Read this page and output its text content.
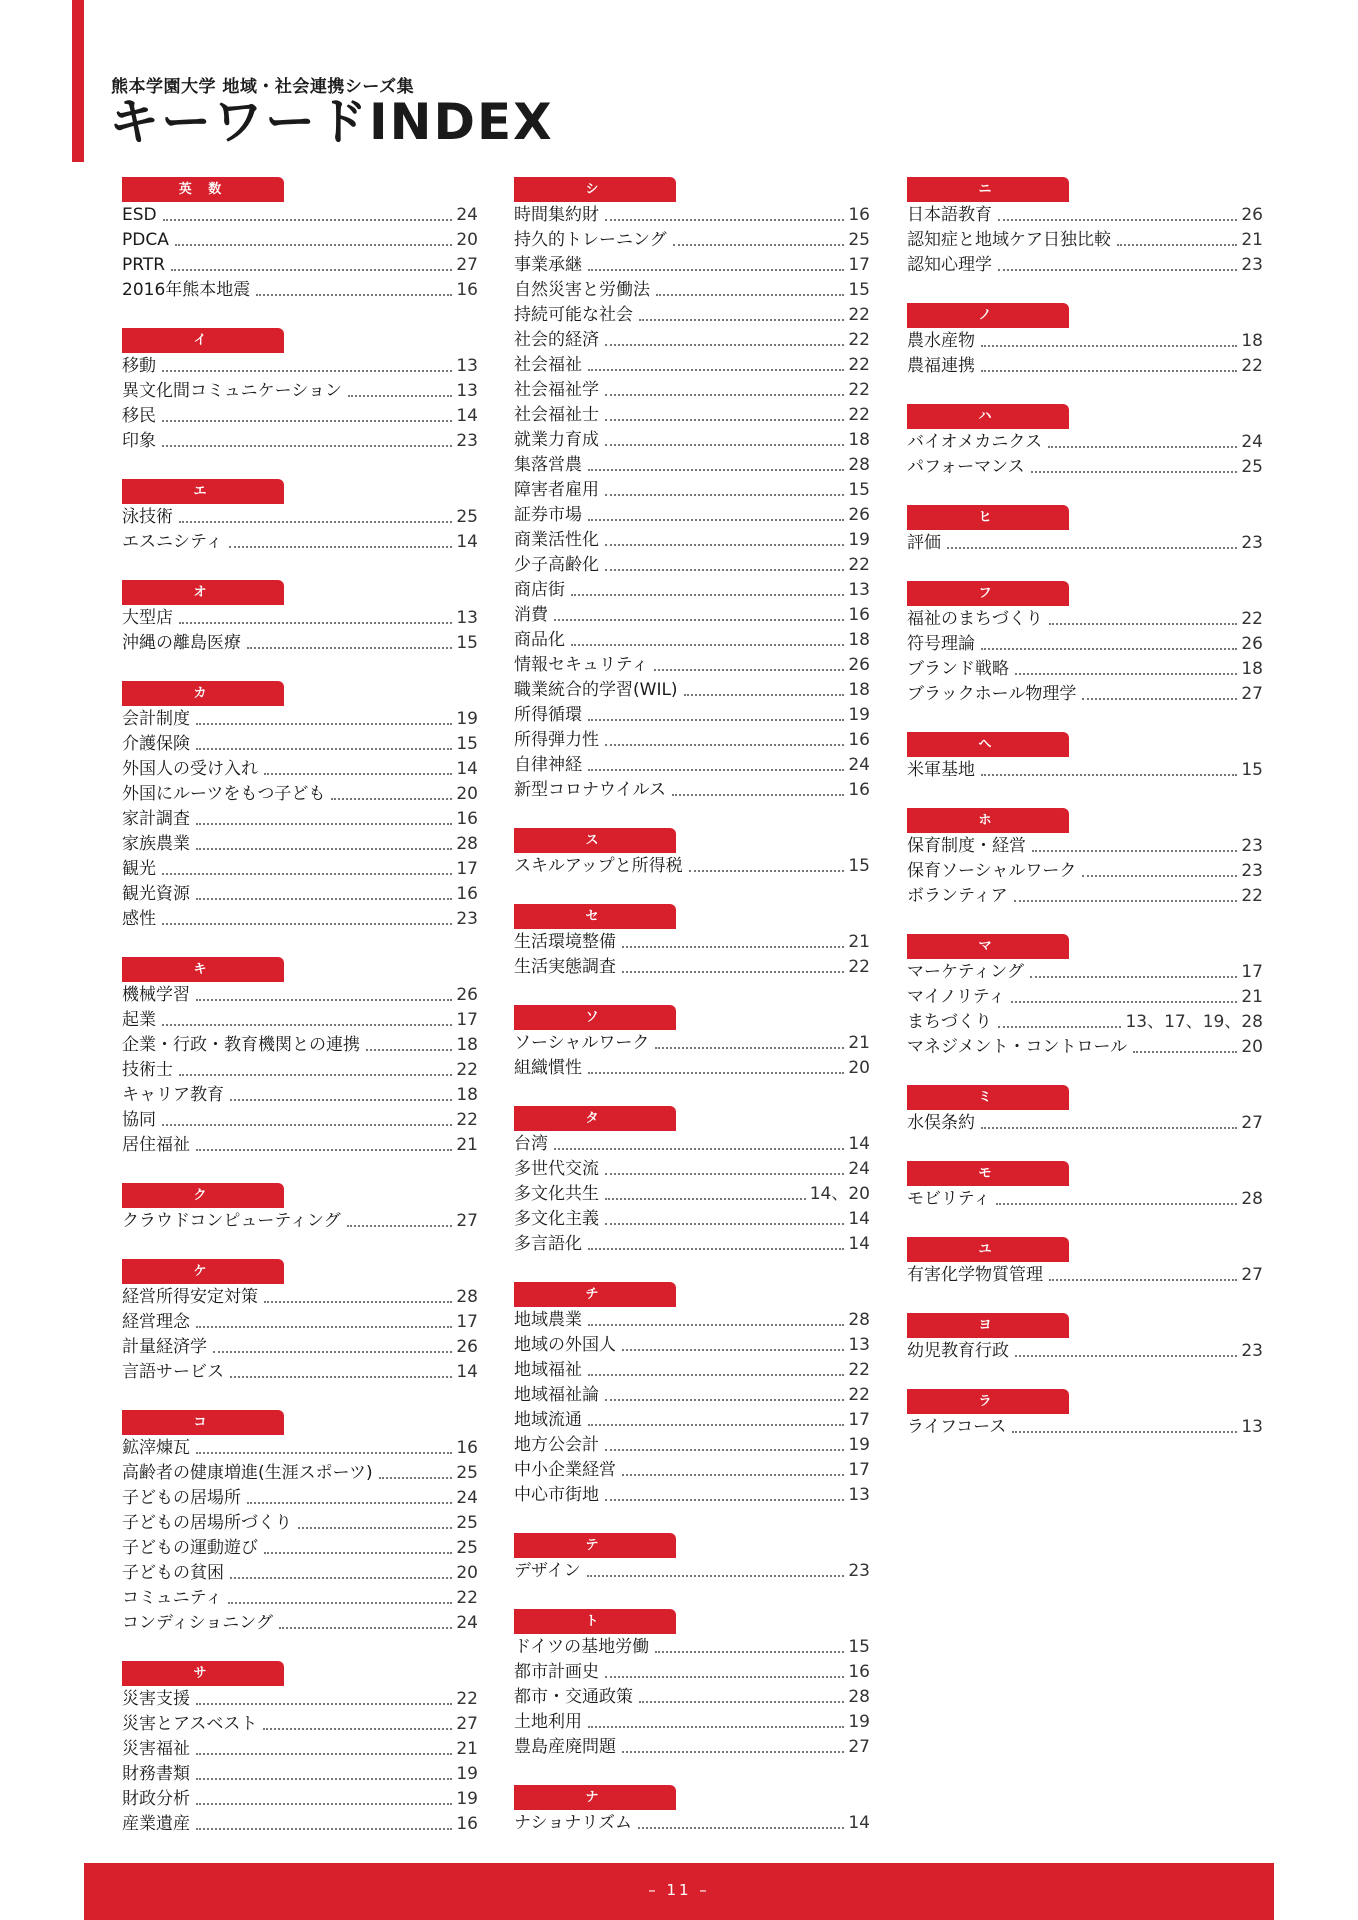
熊本学園大学 地域・社会連携シーズ集
キーワードINDEX
英 数
ESD	24
PDCA	20
PRTR	27
2016年熊本地震	16
イ
移動	13
異文化間コミュニケーション	13
移民	14
印象	23
エ
泳技術	25
エスニシティ	14
オ
大型店	13
沖縄の離島医療	15
カ
会計制度	19
介護保険	15
外国人の受け入れ	14
外国にルーツをもつ子ども	20
家計調査	16
家族農業	28
観光	17
観光資源	16
感性	23
キ
機械学習	26
起業	17
企業・行政・教育機関との連携	18
技術士	22
キャリア教育	18
協同	22
居住福祉	21
ク
クラウドコンピューティング	27
ケ
経営所得安定対策	28
経営理念	17
計量経済学	26
言語サービス	14
コ
鉱滓煉瓦	16
高齢者の健康増進(生涯スポーツ)	25
子どもの居場所	24
子どもの居場所づくり	25
子どもの運動遊び	25
子どもの貧困	20
コミュニティ	22
コンディショニング	24
サ
災害支援	22
災害とアスベスト	27
災害福祉	21
財務書類	19
財政分析	19
産業遺産	16
シ
時間集約財	16
持久的トレーニング	25
事業承継	17
自然災害と労働法	15
持続可能な社会	22
社会的経済	22
社会福祉	22
社会福祉学	22
社会福祉士	22
就業力育成	18
集落営農	28
障害者雇用	15
証券市場	26
商業活性化	19
少子高齢化	22
商店街	13
消費	16
商品化	18
情報セキュリティ	26
職業統合的学習(WIL)	18
所得循環	19
所得弾力性	16
自律神経	24
新型コロナウイルス	16
ス
スキルアップと所得税	15
セ
生活環境整備	21
生活実態調査	22
ソ
ソーシャルワーク	21
組織慣性	20
タ
台湾	14
多世代交流	24
多文化共生	14、20
多文化主義	14
多言語化	14
チ
地域農業	28
地域の外国人	13
地域福祉	22
地域福祉論	22
地域流通	17
地方公会計	19
中小企業経営	17
中心市街地	13
テ
デザイン	23
ト
ドイツの基地労働	15
都市計画史	16
都市・交通政策	28
土地利用	19
豊島産廃問題	27
ナ
ナショナリズム	14
ニ
日本語教育	26
認知症と地域ケア日独比較	21
認知心理学	23
ノ
農水産物	18
農福連携	22
ハ
バイオメカニクス	24
パフォーマンス	25
ヒ
評価	23
フ
福祉のまちづくり	22
符号理論	26
ブランド戦略	18
ブラックホール物理学	27
へ
米軍基地	15
ホ
保育制度・経営	23
保育ソーシャルワーク	23
ボランティア	22
マ
マーケティング	17
マイノリティ	21
まちづくり	13、17、19、28
マネジメント・コントロール	20
ミ
水俣条約	27
モ
モビリティ	28
ユ
有害化学物質管理	27
ヨ
幼児教育行政	23
ラ
ライフコース	13
– 11 –
